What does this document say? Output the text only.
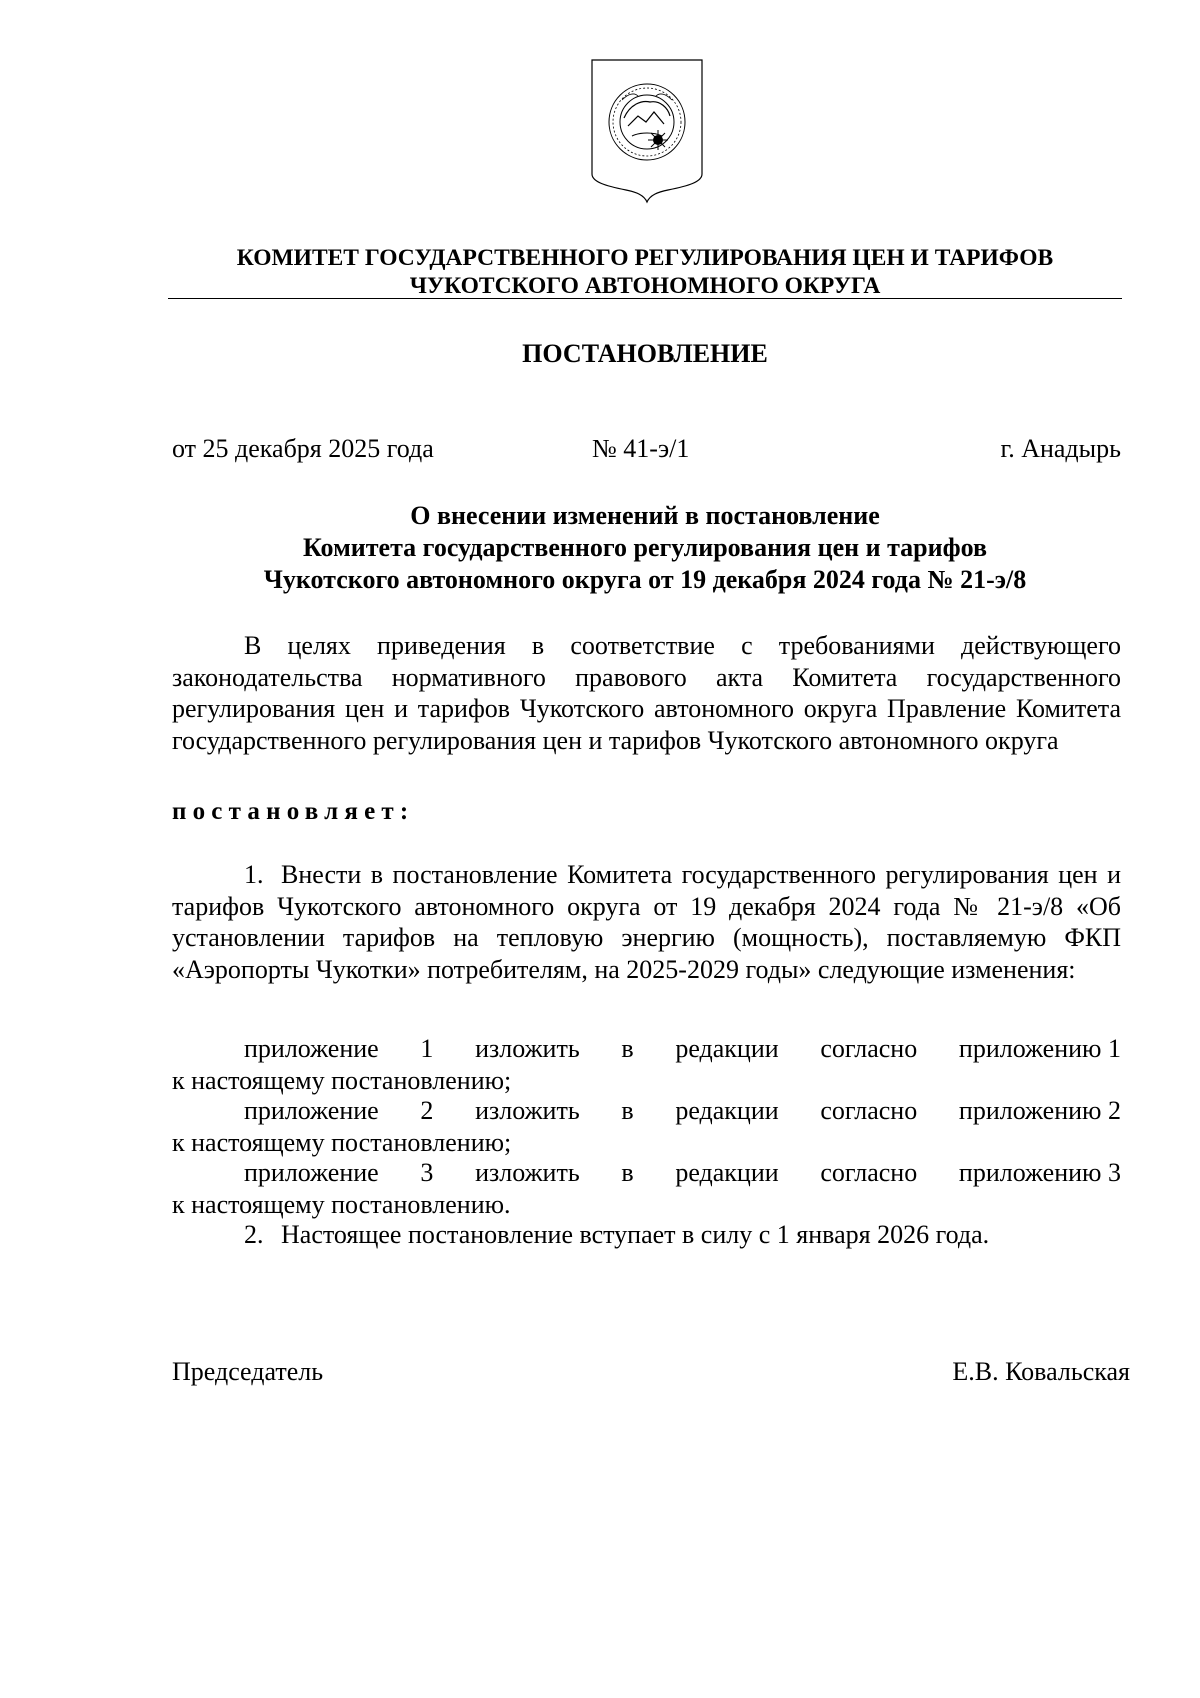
КОМИТЕТ ГОСУДАРСТВЕННОГО РЕГУЛИРОВАНИЯ ЦЕН И ТАРИФОВ
ЧУКОТСКОГО АВТОНОМНОГО ОКРУГА
ПОСТАНОВЛЕНИЕ
от 25 декабря 2025 года	№ 41-э/1	г. Анадырь
О внесении изменений в постановление
Комитета государственного регулирования цен и тарифов
Чукотского автономного округа от 19 декабря 2024 года № 21-э/8
В целях приведения в соответствие с требованиями действующего законодательства нормативного правового акта Комитета государственного регулирования цен и тарифов Чукотского автономного округа Правление Комитета государственного регулирования цен и тарифов Чукотского автономного округа
постановляет:
1. Внести в постановление Комитета государственного регулирования цен и тарифов Чукотского автономного округа от 19 декабря 2024 года № 21-э/8 «Об установлении тарифов на тепловую энергию (мощность), поставляемую ФКП «Аэропорты Чукотки» потребителям, на 2025-2029 годы» следующие изменения:
приложение 1 изложить в редакции согласно приложению 1
к настоящему постановлению;
приложение 2 изложить в редакции согласно приложению 2
к настоящему постановлению;
приложение 3 изложить в редакции согласно приложению 3
к настоящему постановлению.
2. Настоящее постановление вступает в силу с 1 января 2026 года.
Председатель	Е.В. Ковальская
